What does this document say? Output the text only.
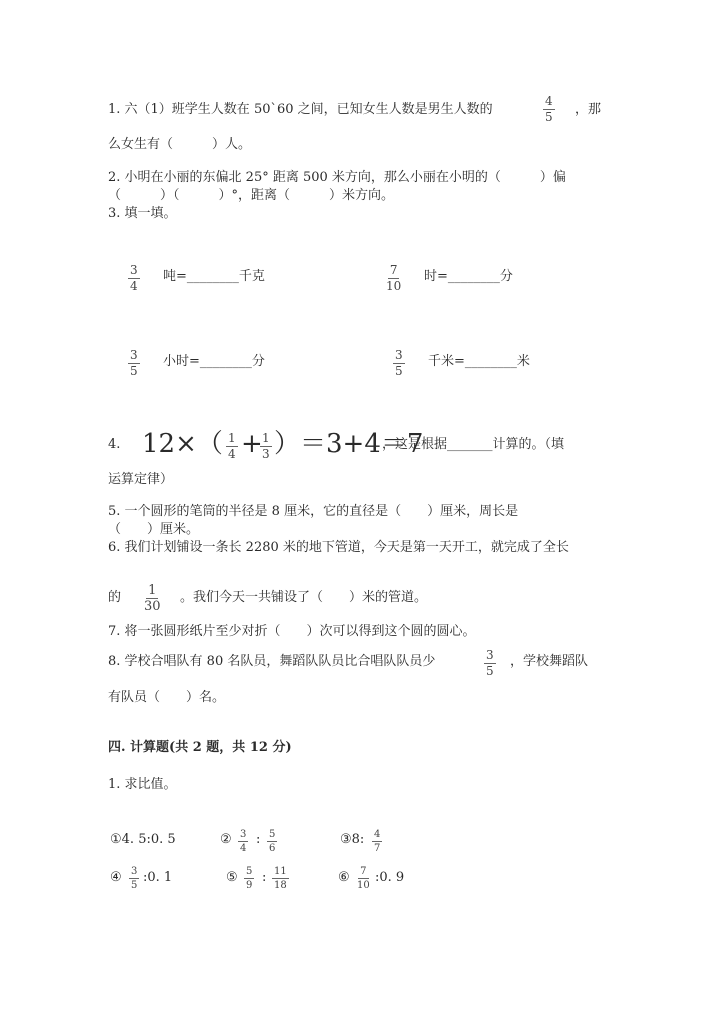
1. 六（1）班学生人数在 50`60 之间，已知女生人数是男生人数的	$\frac{4}{5}$ ，那
么女生有（　　　）人。
2. 小明在小丽的东偏北 25° 距离 500 米方向，那么小丽在小明的（　　　）偏
（　　　）（　　　）°，距离（　　　）米方向。
3. 填一填。
$\frac{3}{4}$ 吨=________千克	$\frac{7}{10}$ 时=________分
$\frac{3}{5}$ 小时=________分	$\frac{3}{5}$ 千米=________米
4. $12\times( \frac{1}{4}$ +
$\frac{1}{3} )=3+4=7$
，这是根据_______计算的。（填
运算定律）
5. 一个圆形的笔筒的半径是 8 厘米，它的直径是（　　）厘米，周长是
（　　）厘米。
6. 我们计划铺设一条长 2280 米的地下管道，今天是第一天开工，就完成了全长
的 $\frac{1}{30}$ 。我们今天一共铺设了（　　）米的管道。
7. 将一张圆形纸片至少对折（　　）次可以得到这个圆的圆心。
8. 学校合唱队有 80 名队员，舞蹈队队员比合唱队队员少	$\frac{3}{5}$ ，学校舞蹈队
有队员（　　）名。
四. 计算题(共 2 题，共 12 分)
1. 求比值。
①4. 5:0. 5	② $\frac{3}{4}$ : $\frac{5}{6}$	③8: $\frac{4}{7}$
④ $\frac{3}{5}$ :0. 1	⑤ $\frac{5}{9}$ : $\frac{11}{18}$	⑥ $\frac{7}{10}$ :0. 9
